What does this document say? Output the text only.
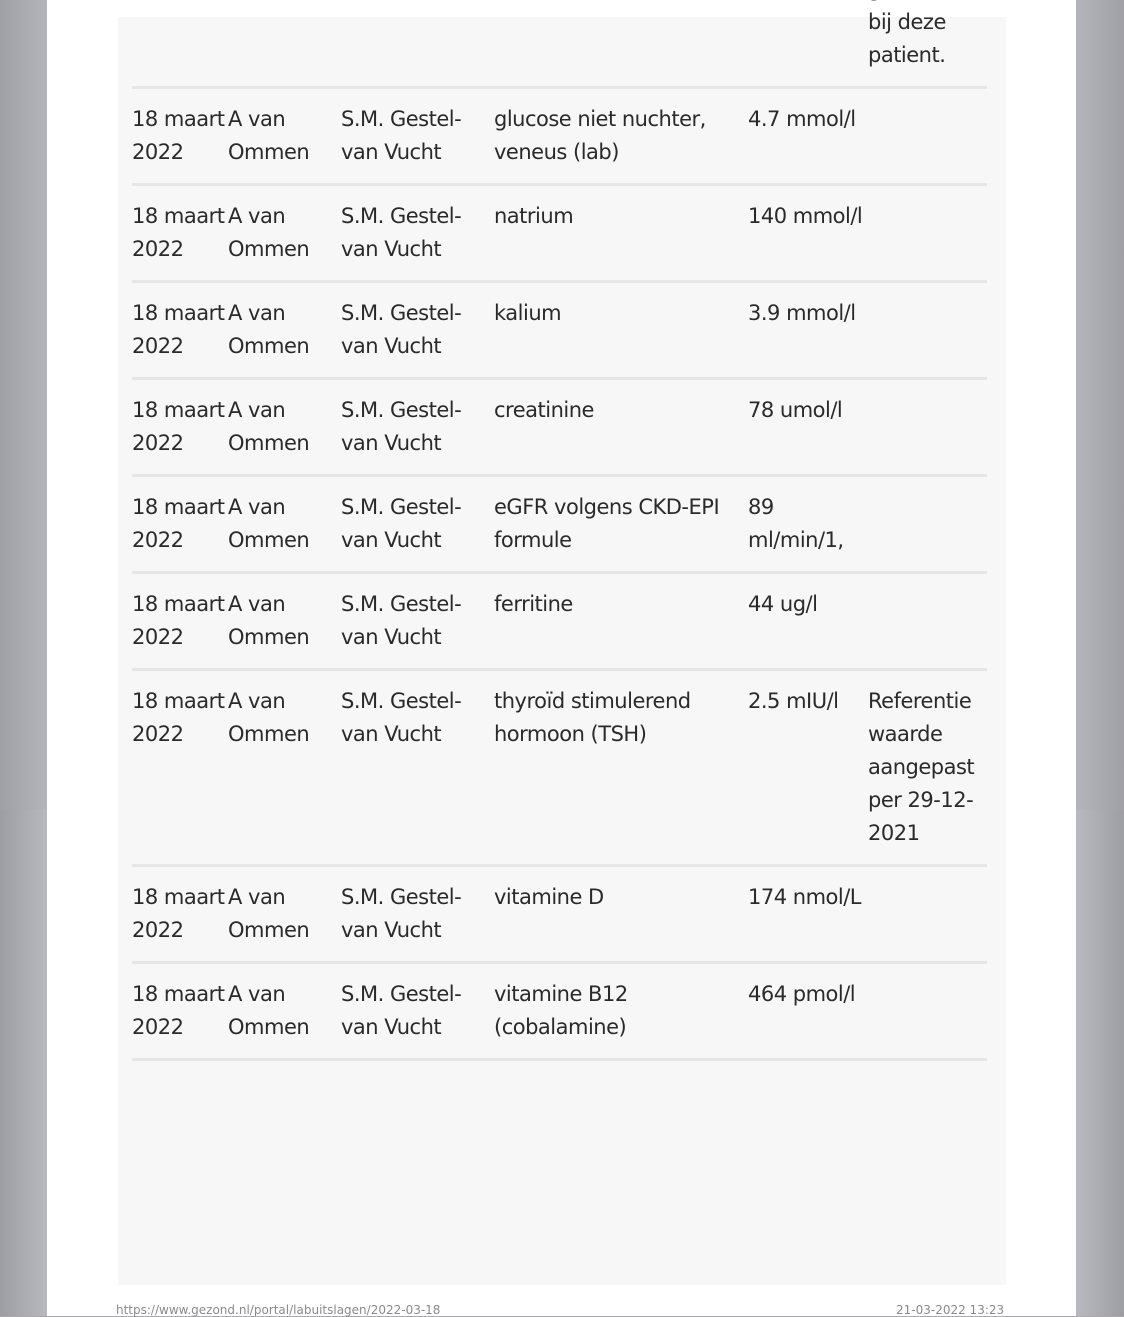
					bij deze patient.
18 maart 2022	A van Ommen	S.M. Gestel-van Vucht	glucose niet nuchter, veneus (lab)	4.7 mmol/l	
18 maart 2022	A van Ommen	S.M. Gestel-van Vucht	natrium	140 mmol/l	
18 maart 2022	A van Ommen	S.M. Gestel-van Vucht	kalium	3.9 mmol/l	
18 maart 2022	A van Ommen	S.M. Gestel-van Vucht	creatinine	78 umol/l	
18 maart 2022	A van Ommen	S.M. Gestel-van Vucht	eGFR volgens CKD-EPI formule	89 ml/min/1,	
18 maart 2022	A van Ommen	S.M. Gestel-van Vucht	ferritine	44 ug/l	
18 maart 2022	A van Ommen	S.M. Gestel-van Vucht	thyroïd stimulerend hormoon (TSH)	2.5 mIU/l	Referentie waarde aangepast per 29-12-2021
18 maart 2022	A van Ommen	S.M. Gestel-van Vucht	vitamine D	174 nmol/L	
18 maart 2022	A van Ommen	S.M. Gestel-van Vucht	vitamine B12 (cobalamine)	464 pmol/l	
https://www.gezond.nl/portal/labuitslagen/2022-03-18	21-03-2022 13:23
